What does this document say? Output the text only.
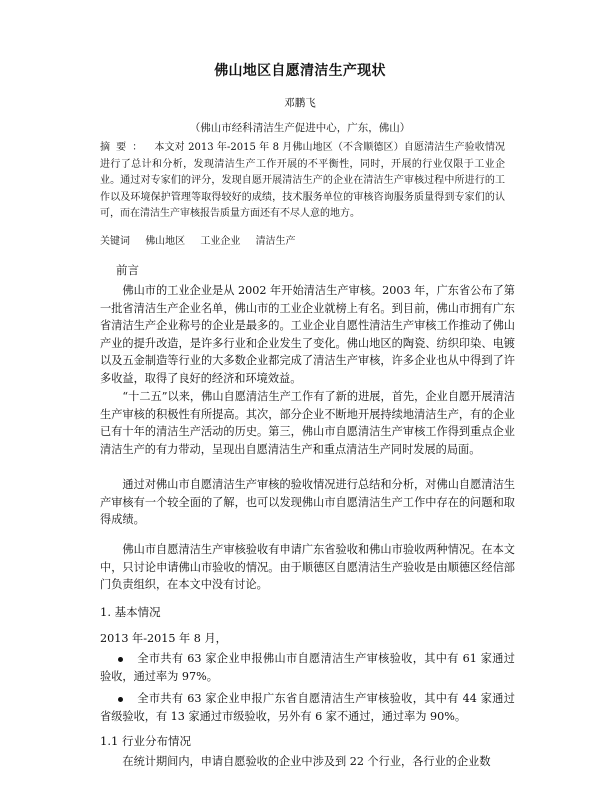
佛山地区自愿清洁生产现状
邓鹏飞
（佛山市经科清洁生产促进中心，广东，佛山）

摘要： 本文对 2013 年-2015 年 8 月佛山地区（不含顺德区）自愿清洁生产验收情况进行了总计和分析，发现清洁生产工作开展的不平衡性，同时，开展的行业仅限于工业企业。通过对专家们的评分，发现自愿开展清洁生产的企业在清洁生产审核过程中所进行的工作以及环境保护管理等取得较好的成绩，技术服务单位的审核咨询服务质量得到专家们的认可，而在清洁生产审核报告质量方面还有不尽人意的地方。

关键词 佛山地区 工业企业 清洁生产

前言

佛山市的工业企业是从 2002 年开始清洁生产审核。2003 年，广东省公布了第一批省清洁生产企业名单，佛山市的工业企业就榜上有名。到目前，佛山市拥有广东省清洁生产企业称号的企业是最多的。工业企业自愿性清洁生产审核工作推动了佛山产业的提升改造，是许多行业和企业发生了变化。佛山地区的陶瓷、纺织印染、电镀以及五金制造等行业的大多数企业都完成了清洁生产审核，许多企业也从中得到了许多收益，取得了良好的经济和环境效益。

“十二五”以来，佛山自愿清洁生产工作有了新的进展，首先，企业自愿开展清洁生产审核的积极性有所提高。其次，部分企业不断地开展持续地清洁生产，有的企业已有十年的清洁生产活动的历史。第三，佛山市自愿清洁生产审核工作得到重点企业清洁生产的有力带动，呈现出自愿清洁生产和重点清洁生产同时发展的局面。

通过对佛山市自愿清洁生产审核的验收情况进行总结和分析，对佛山自愿清洁生产审核有一个较全面的了解，也可以发现佛山市自愿清洁生产工作中存在的问题和取得成绩。

佛山市自愿清洁生产审核验收有申请广东省验收和佛山市验收两种情况。在本文中，只讨论申请佛山市验收的情况。由于顺德区自愿清洁生产验收是由顺德区经信部门负责组织，在本文中没有讨论。

1. 基本情况

2013 年-2015 年 8 月，

全市共有 63 家企业申报佛山市自愿清洁生产审核验收，其中有 61 家通过验收，通过率为 97%。

全市共有 63 家企业申报广东省自愿清洁生产审核验收，其中有 44 家通过省级验收，有 13 家通过市级验收，另外有 6 家不通过，通过率为 90%。

1.1 行业分布情况

在统计期间内，申请自愿验收的企业中涉及到 22 个行业，各行业的企业数
